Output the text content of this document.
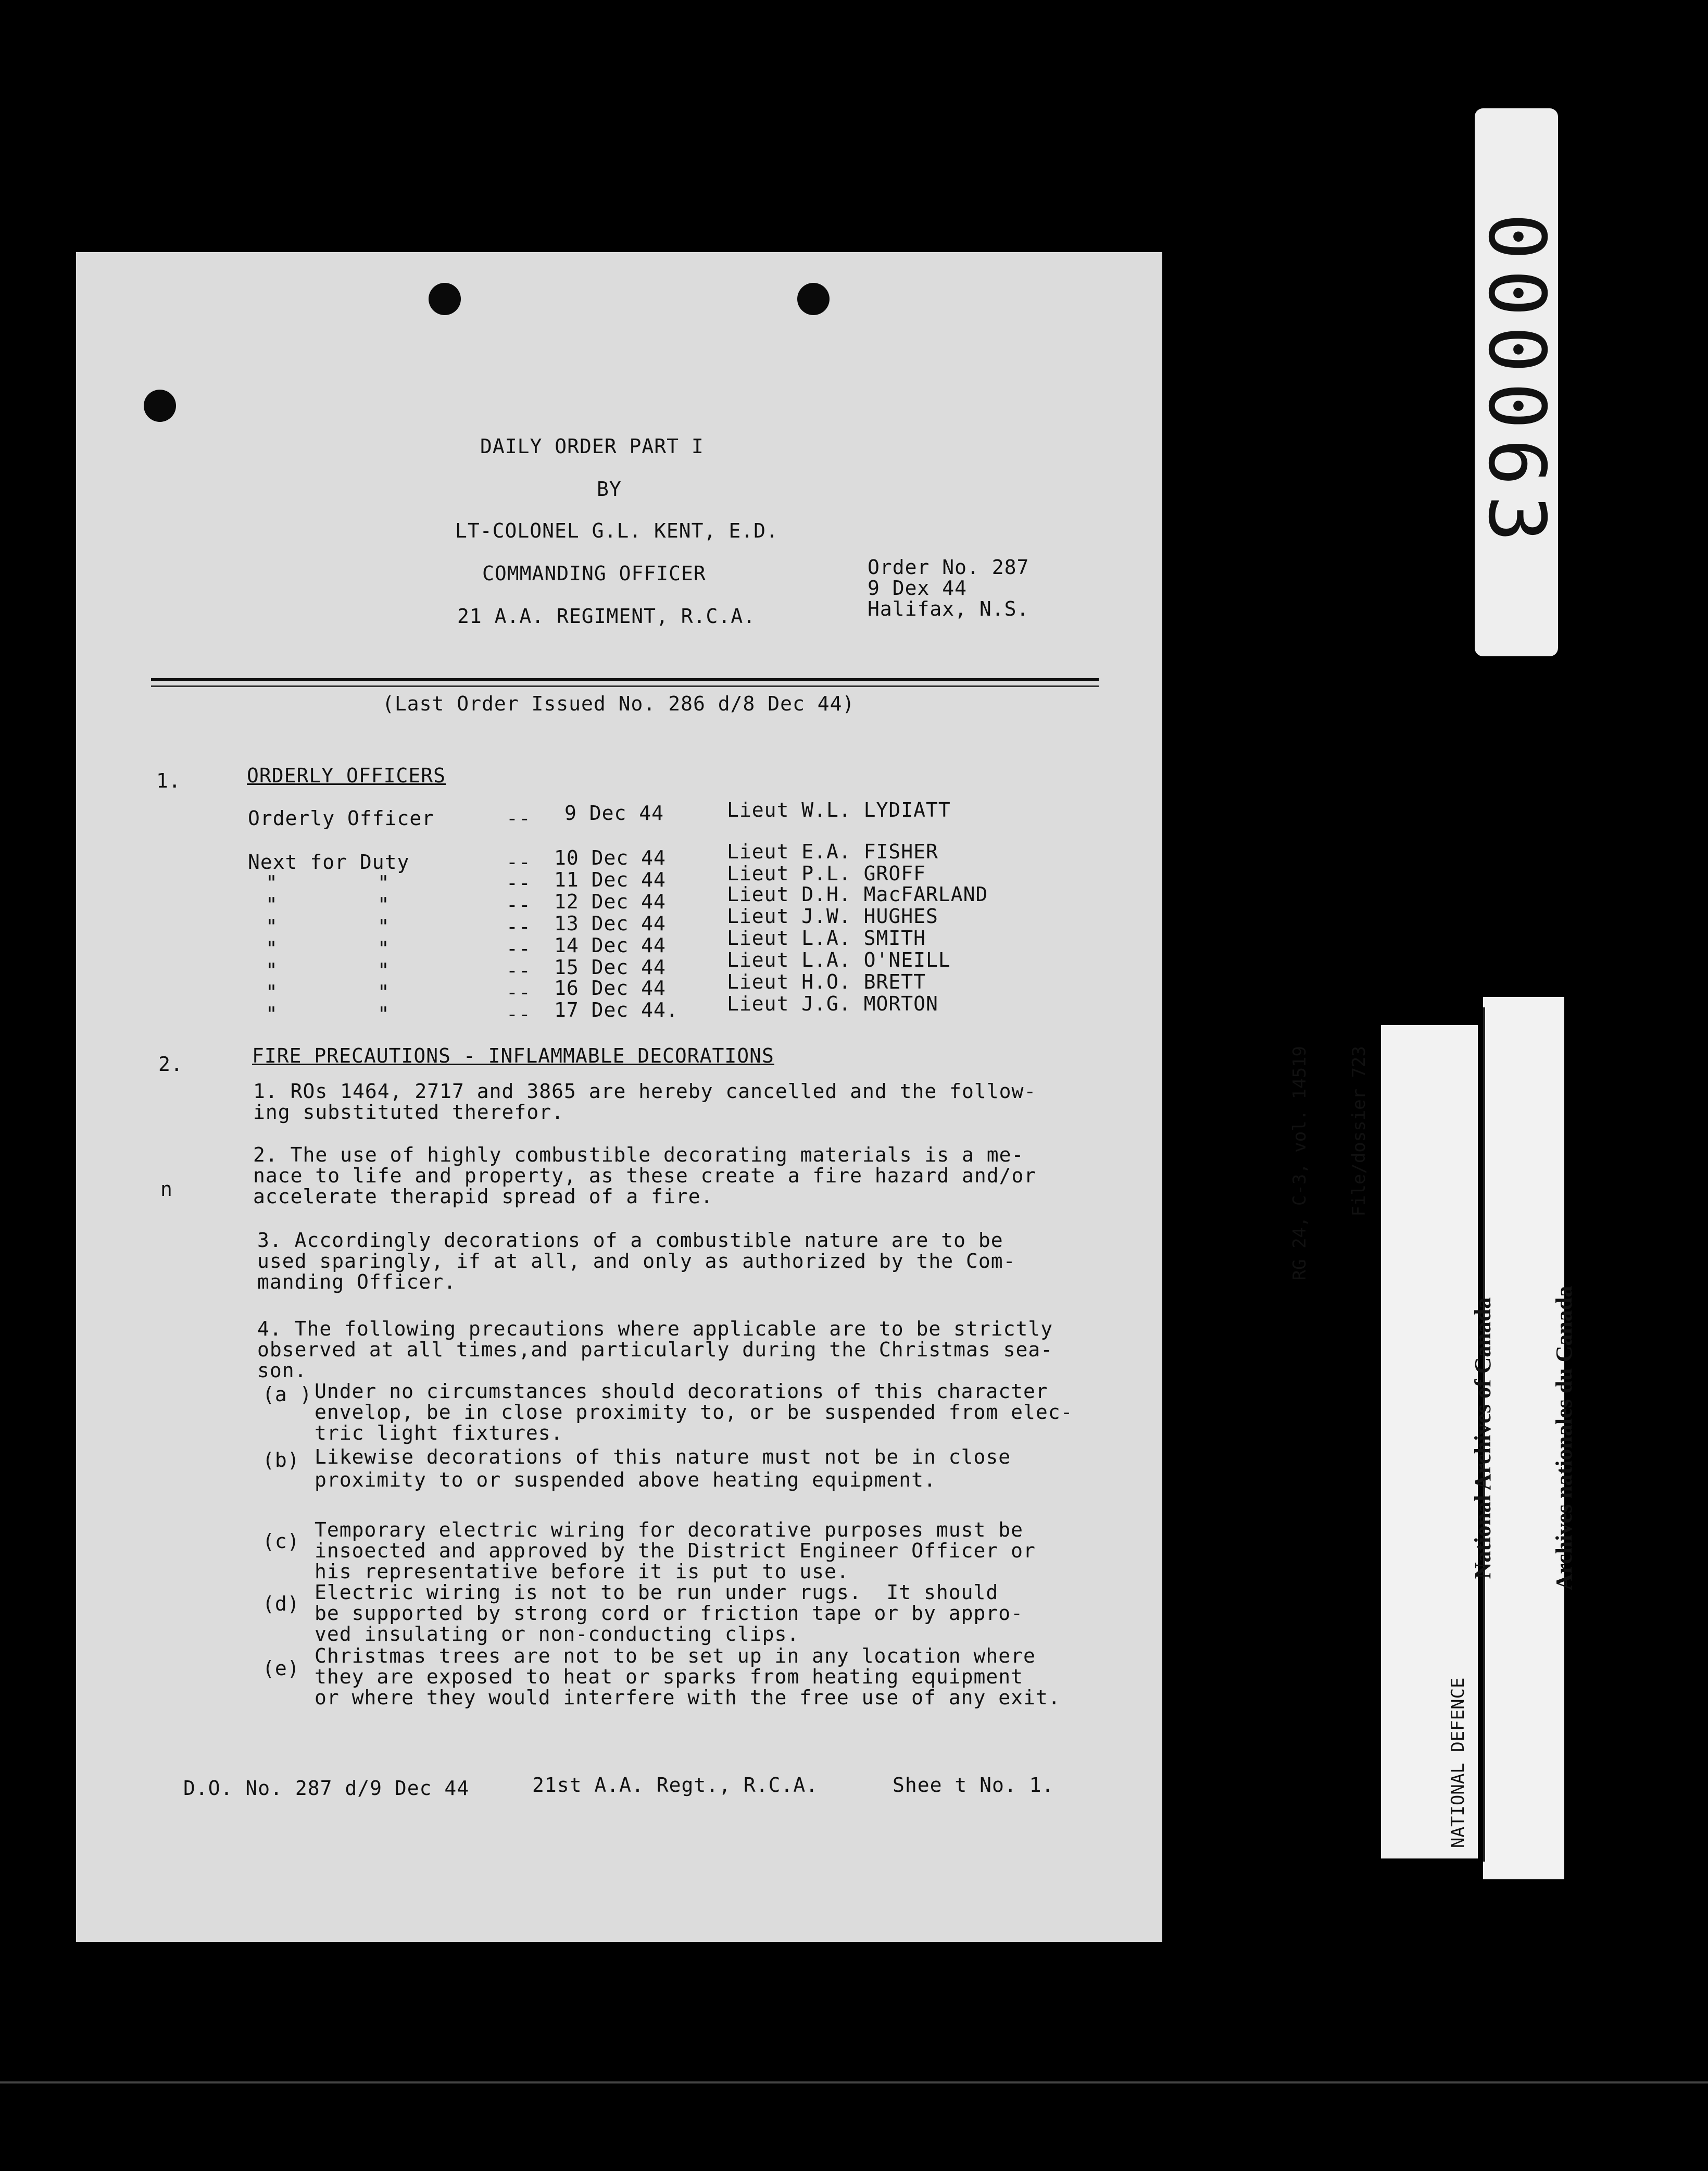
DAILY ORDER PART I
BY
LT-COLONEL G.L. KENT, E.D.
COMMANDING OFFICER
21 A.A. REGIMENT, R.C.A.
Order No. 287
9 Dex 44
Halifax, N.S.
(Last Order Issued No. 286 d/8 Dec 44)
1.	ORDERLY OFFICERS
Orderly Officer	-- 9 Dec 44	Lieut W.L. LYDIATT
Next for Duty	-- 10 Dec 44	Lieut E.A. FISHER
"        "	-- 11 Dec 44	Lieut P.L. GROFF
"        "	-- 12 Dec 44	Lieut D.H. MacFARLAND
"        "	-- 13 Dec 44	Lieut J.W. HUGHES
"        "	-- 14 Dec 44	Lieut L.A. SMITH
"        "	-- 15 Dec 44	Lieut L.A. O'NEILL
"        "	-- 16 Dec 44	Lieut H.O. BRETT
"        "	-- 17 Dec 44. Lieut J.G. MORTON
2.	FIRE PRECAUTIONS - INFLAMMABLE DECORATIONS
1. ROs 1464, 2717 and 3865 are hereby cancelled and the follow-
ing substituted therefor.
2. The use of highly combustible decorating materials is a me-
nace to life and property, as these create a fire hazard and/or
accelerate therapid spread of a fire.
n
3. Accordingly decorations of a combustible nature are to be
used sparingly, if at all, and only as authorized by the Com-
manding Officer.
4. The following precautions where applicable are to be strictly
observed at all times,and particularly during the Christmas sea-
son.
(a ) Under no circumstances should decorations of this character
envelop, be in close proximity to, or be suspended from elec-
tric light fixtures.
(b) Likewise decorations of this nature must not be in close
proximity to or suspended above heating equipment.
(c) Temporary electric wiring for decorative purposes must be
insoected and approved by the District Engineer Officer or
his representative before it is put to use.
(d) Electric wiring is not to be run under rugs.  It should
be supported by strong cord or friction tape or by appro-
ved insulating or non-conducting clips.
(e)
Christmas trees are not to be set up in any location where
they are exposed to heat or sparks from heating equipment
or where they would interfere with the free use of any exit.
D.O. No. 287 d/9 Dec 44	21st A.A. Regt., R.C.A.	Shee t No. 1.
000063

RG 24, C-3, vol. 14519

File/dossier 723

NATIONAL DEFENCE

National Archives of Canada

Archives nationales du Canada
